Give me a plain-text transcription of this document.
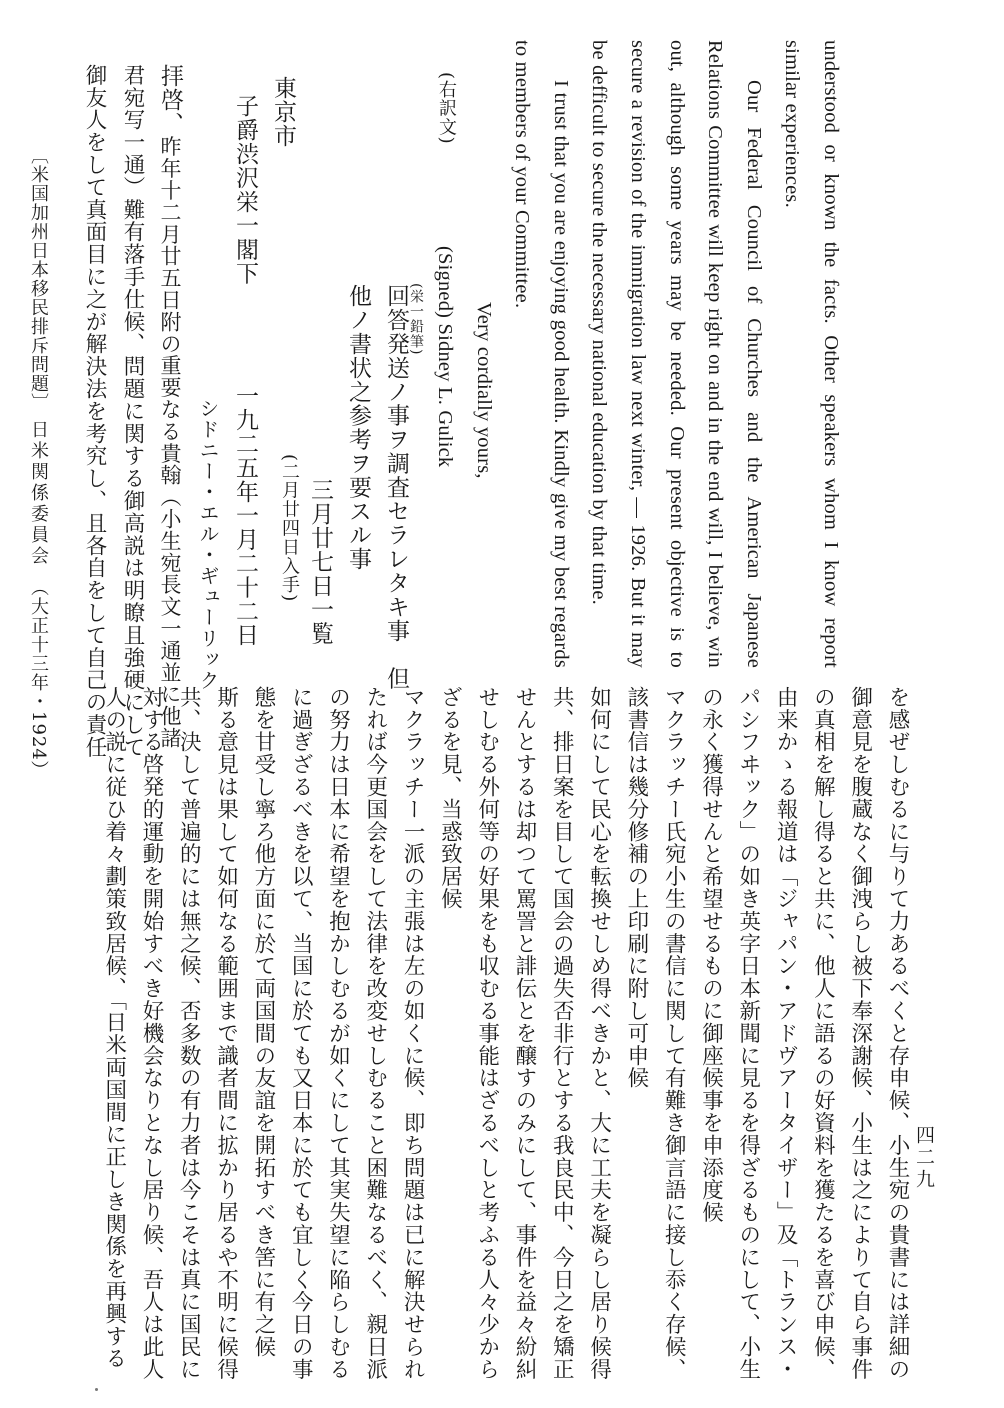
understood or known the facts. Other speakers whom I know report similar experiences.

Our Federal Council of Churches and the American Japanese Relations Committee will keep right on and in the end will, I believe, win out, although some years may be needed. Our present objective is to secure a revision of the immigration law next winter, — 1926. But it may be defficult to secure the necessary national education by that time.

I trust that you are enjoying good health. Kindly give my best regards to members of your Committee.

Very cordially yours,

(Signed) Sidney L. Gulick

(右訳文)
(栄一鉛筆)
回答発送ノ事ヲ調査セラレタキ事　但
他ノ書状之参考ヲ要スル事
三月廿七日一覧
(二月廿四日入手)
東京市
子爵渋沢栄一閣下
一九二五年一月二十二日
シドニー・エル・ギューリック
拝啓、昨年十二月廿五日附の重要なる貴翰（小生宛長文一通並に他諸
君宛写一通）難有落手仕候、問題に関する御高説は明瞭且強硬にして
御友人をして真面目に之が解決法を考究し、且各自をして自己の責任
を感ぜしむるに与りて力あるべくと存申候、小生宛の貴書には詳細の
御意見を腹蔵なく御洩らし被下奉深謝候、小生は之によりて自ら事件
の真相を解し得ると共に、他人に語るの好資料を獲たるを喜び申候、
由来かゝる報道は「ジャパン・アドヴアータイザー」及「トランス・
パシフヰック」の如き英字日本新聞に見るを得ざるものにして、小生
の永く獲得せんと希望せるものに御座候事を申添度候
マクラッチー氏宛小生の書信に関して有難き御言語に接し忝く存候、
該書信は幾分修補の上印刷に附し可申候
如何にして民心を転換せしめ得べきかと、大に工夫を凝らし居り候得
共、排日案を目して国会の過失否非行とする我良民中、今日之を矯正
せんとするは却つて罵詈と誹伝とを醸すのみにして、事件を益々紛糾
せしむる外何等の好果をも収むる事能はざるべしと考ふる人々少から
ざるを見、当惑致居候
マクラッチー一派の主張は左の如くに候、即ち問題は已に解決せられ
たれば今更国会をして法律を改変せしむること困難なるべく、親日派
の努力は日本に希望を抱かしむるが如くにして其実失望に陥らしむる
に過ぎざるべきを以て、当国に於ても又日本に於ても宜しく今日の事
態を甘受し寧ろ他方面に於て両国間の友誼を開拓すべき筈に有之候
斯る意見は果して如何なる範囲まで識者間に拡かり居るや不明に候得
共、決して普遍的には無之候、否多数の有力者は今こそは真に国民に
対する啓発的運動を開始すべき好機会なりとなし居り候、吾人は此人
人の説に従ひ着々劃策致居候、「日米両国間に正しき関係を再興する
〔米国加州日本移民排斥問題〕
日米関係委員会
（大正十三年・1924）
四二九
